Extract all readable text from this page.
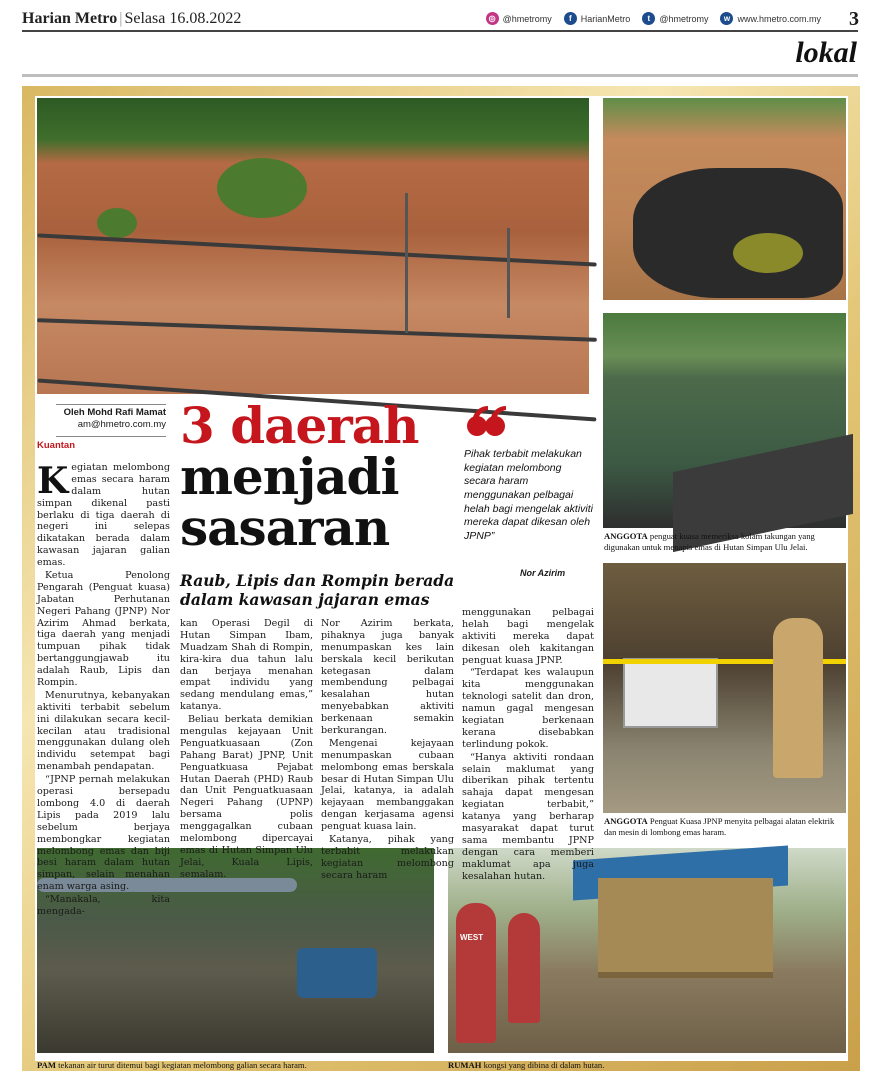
Harian Metro | Selasa 16.08.2022	◎ @hmetromy	f	HarianMetro	t	@hmetromy	w www.hmetro.com.my 3
lokal
ANGGOTA penguat kuasa memeriksa kolam takungan yang digunakan untuk menapis emas di Hutan Simpan Ulu Jelai.
ANGGOTA Penguat Kuasa JPNP menyita pelbagai alatan elektrik dan mesin di lombong emas haram.
PAM tekanan air turut ditemui bagi kegiatan melombong galian secara haram.
WEST
RUMAH kongsi yang dibina di dalam hutan.
Oleh Mohd Rafi Mamat
am@hmetro.com.my
Kuantan 3 daerah
menjadi
sasaran
Raub, Lipis dan Rompin berada dalam kawasan jajaran emas
Pihak terbabit melakukan kegiatan melombong secara haram menggunakan pelbagai helah bagi mengelak aktiviti mereka dapat dikesan oleh JPNP”
Nor Azirim

Kegiatan melombong emas secara haram dalam hutan simpan dikenal pasti berlaku di tiga daerah di negeri ini selepas dikatakan berada dalam kawasan jajaran galian emas.

Ketua Penolong Pengarah (Penguat kuasa) Jabatan Perhutanan Negeri Pahang (JPNP) Nor Azirim Ahmad berkata, tiga daerah yang menjadi tumpuan pihak tidak bertanggungjawab itu adalah Raub, Lipis dan Rompin.

Menurutnya, kebanyakan aktiviti terbabit sebelum ini dilakukan secara kecil-kecilan atau tradisional menggunakan dulang oleh individu setempat bagi menambah pendapatan.

“JPNP pernah melakukan operasi bersepadu lombong 4.0 di daerah Lipis pada 2019 lalu sebelum berjaya membongkar kegiatan melombong emas dan biji besi haram dalam hutan simpan, selain menahan enam warga asing.

“Manakala, kita mengada-

kan Operasi Degil di Hutan Simpan Ibam, Muadzam Shah di Rompin, kira-kira dua tahun lalu dan berjaya menahan empat individu yang sedang mendulang emas,” katanya.

Beliau berkata demikian mengulas kejayaan Unit Penguatkuasaan (Zon Pahang Barat) JPNP, Unit Penguatkuasa Pejabat Hutan Daerah (PHD) Raub dan Unit Penguatkuasaan Negeri Pahang (UPNP) bersama polis menggagalkan cubaan melombong dipercayai emas di Hutan Simpan Ulu Jelai, Kuala Lipis, semalam.

Nor Azirim berkata, pihaknya juga banyak menumpaskan kes lain berskala kecil berikutan ketegasan dalam membendung pelbagai kesalahan hutan menyebabkan aktiviti berkenaan semakin berkurangan.

Mengenai kejayaan menumpaskan cubaan melombong emas berskala besar di Hutan Simpan Ulu Jelai, katanya, ia adalah kejayaan membanggakan dengan kerjasama agensi penguat kuasa lain.

Katanya, pihak yang terbabit melakukan kegiatan melombong secara haram

menggunakan pelbagai helah bagi mengelak aktiviti mereka dapat dikesan oleh kakitangan penguat kuasa JPNP.

“Terdapat kes walaupun kita menggunakan teknologi satelit dan dron, namun gagal mengesan kegiatan berkenaan kerana disebabkan terlindung pokok.

“Hanya aktiviti rondaan selain maklumat yang diberikan pihak tertentu sahaja dapat mengesan kegiatan terbabit,” katanya yang berharap masyarakat dapat turut sama membantu JPNP dengan cara memberi maklumat apa juga kesalahan hutan.
